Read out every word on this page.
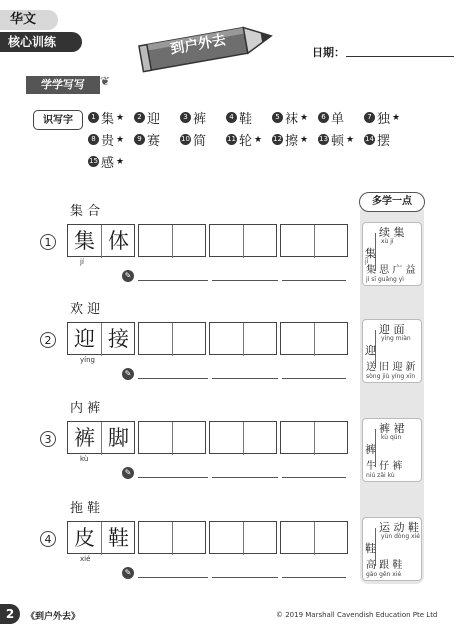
华文
核心训练	到户外去	日期：
学学写写	❦
识写字	1 集 ★	2 迎	3 裤	4 鞋	5 袜 ★	6 单	7 独 ★
8 贵 ★	9 赛	10 简	11 轮 ★ 12 擦 ★ 13 顿 ★ 14 摆
15 感 ★
集 合
1 集 体
jí
✎
欢 迎
2 迎 接
yíng
✎
内 裤
3 裤 脚
kù
✎
拖 鞋
4 皮 鞋
xié
✎
多学一点
续 集
xù jí
集
jí
集 思 广 益
jí sī guǎng yì
迎 面
yíng miàn
迎
送 旧 迎 新
sòng jiù yíng xīn
裤 裙
kù qún
裤
牛 仔 裤
niú zǎi kù
运 动 鞋
yùn dòng xié
鞋
高 跟 鞋
gāo gēn xié
2	《到户外去》	© 2019 Marshall Cavendish Education Pte Ltd
